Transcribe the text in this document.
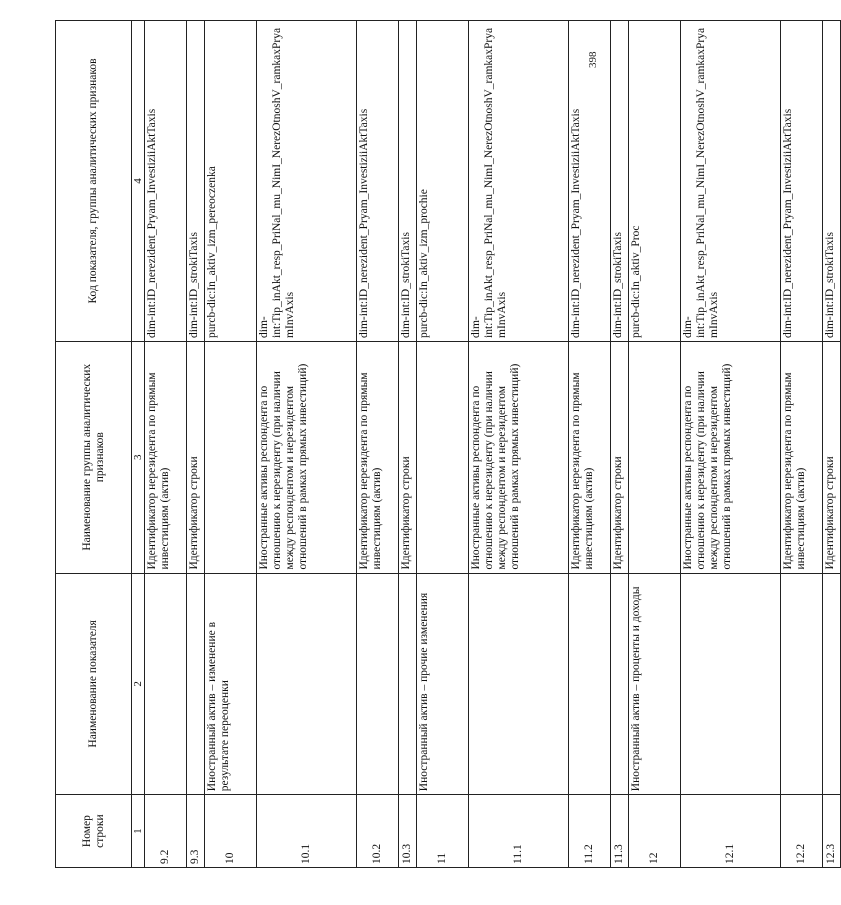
398
Номер строки	Наименование показателя	Наименование группы аналитических признаков	Код показателя, группы аналитических признаков
1	2	3	4
9.2		Идентификатор нерезидента по прямым инвестициям (актив)	dim-int:ID_nerezident_Pryam_InvestiziiAktTaxis
9.3		Идентификатор строки	dim-int:ID_strokiTaxis
10	Иностранный актив – изменение в результате переоценки		purcb-dic:In_aktiv_izm_pereoczenka
10.1		Иностранные активы респондента по отношению к нерезиденту (при наличии между респондентом и нерезидентом отношений в рамках прямых инвестиций)	dim-int:Tip_inAkt_resp_PriNal_mu_NimI_NerezOtnoshV_ramkaxPryamInvAxis
10.2		Идентификатор нерезидента по прямым инвестициям (актив)	dim-int:ID_nerezident_Pryam_InvestiziiAktTaxis
10.3		Идентификатор строки	dim-int:ID_strokiTaxis
11	Иностранный актив – прочие изменения		purcb-dic:In_aktiv_izm_prochie
11.1		Иностранные активы респондента по отношению к нерезиденту (при наличии между респондентом и нерезидентом отношений в рамках прямых инвестиций)	dim-int:Tip_inAkt_resp_PriNal_mu_NimI_NerezOtnoshV_ramkaxPryamInvAxis
11.2		Идентификатор нерезидента по прямым инвестициям (актив)	dim-int:ID_nerezident_Pryam_InvestiziiAktTaxis
11.3		Идентификатор строки	dim-int:ID_strokiTaxis
12	Иностранный актив – проценты и доходы		purcb-dic:In_aktiv_Proc
12.1		Иностранные активы респондента по отношению к нерезиденту (при наличии между респондентом и нерезидентом отношений в рамках прямых инвестиций)	dim-int:Tip_inAkt_resp_PriNal_mu_NimI_NerezOtnoshV_ramkaxPryamInvAxis
12.2		Идентификатор нерезидента по прямым инвестициям (актив)	dim-int:ID_nerezident_Pryam_InvestiziiAktTaxis
12.3		Идентификатор строки	dim-int:ID_strokiTaxis
